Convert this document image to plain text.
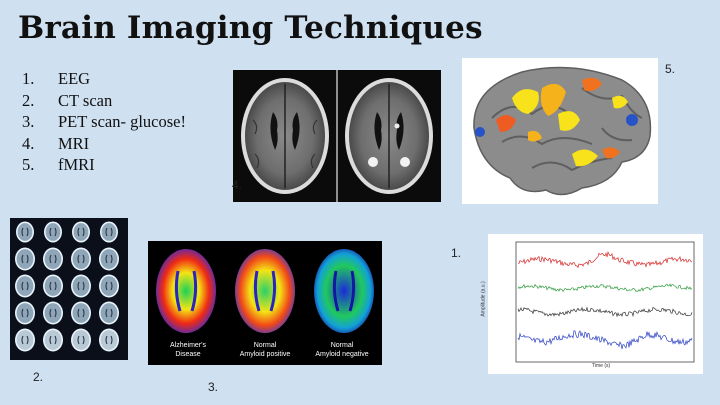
Brain Imaging Techniques
1. EEG
2. CT scan
3. PET scan- glucose!
4. MRI
5. fMRI
4.
5.
2.
Alzheimer's
Disease
Normal
Amyloid positive
Normal
Amyloid negative
3.
Amplitude (a.u.)
Time (s)
1.
